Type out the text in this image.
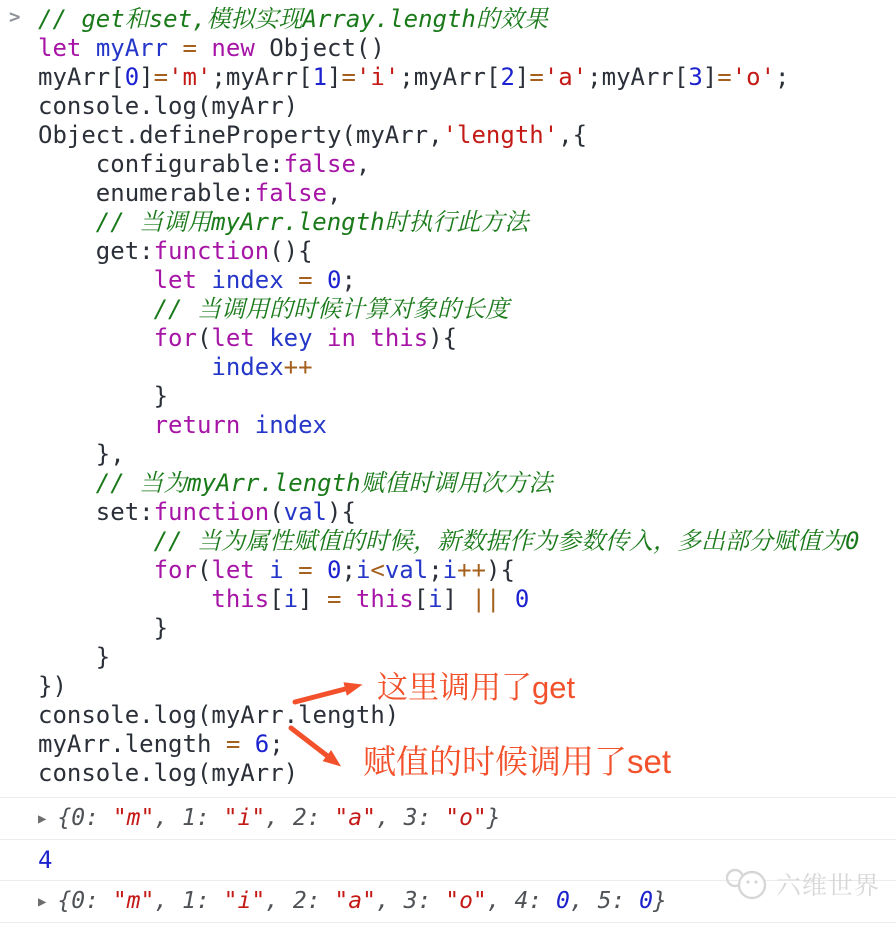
> // get和set,模拟实现Array.length的效果
let myArr = new Object()
myArr[0]='m';myArr[1]='i';myArr[2]='a';myArr[3]='o';
console.log(myArr)
Object.defineProperty(myArr,'length',{
configurable:false,
enumerable:false,
// 当调用myArr.length时执行此方法
get:function(){
let index = 0;
// 当调用的时候计算对象的长度
for(let key in this){
index++
}
return index
},
// 当为myArr.length赋值时调用次方法
set:function(val){
// 当为属性赋值的时候，新数据作为参数传入，多出部分赋值为0
for(let i = 0;i<val;i++){
this[i] = this[i] || 0
}
}
})
console.log(myArr.length)
myArr.length = 6;
console.log(myArr)
这里调用了get
赋值的时候调用了set
▶ {0: "m", 1: "i", 2: "a", 3: "o"}
4
▶ {0: "m", 1: "i", 2: "a", 3: "o", 4: 0, 5: 0}
六维世界
